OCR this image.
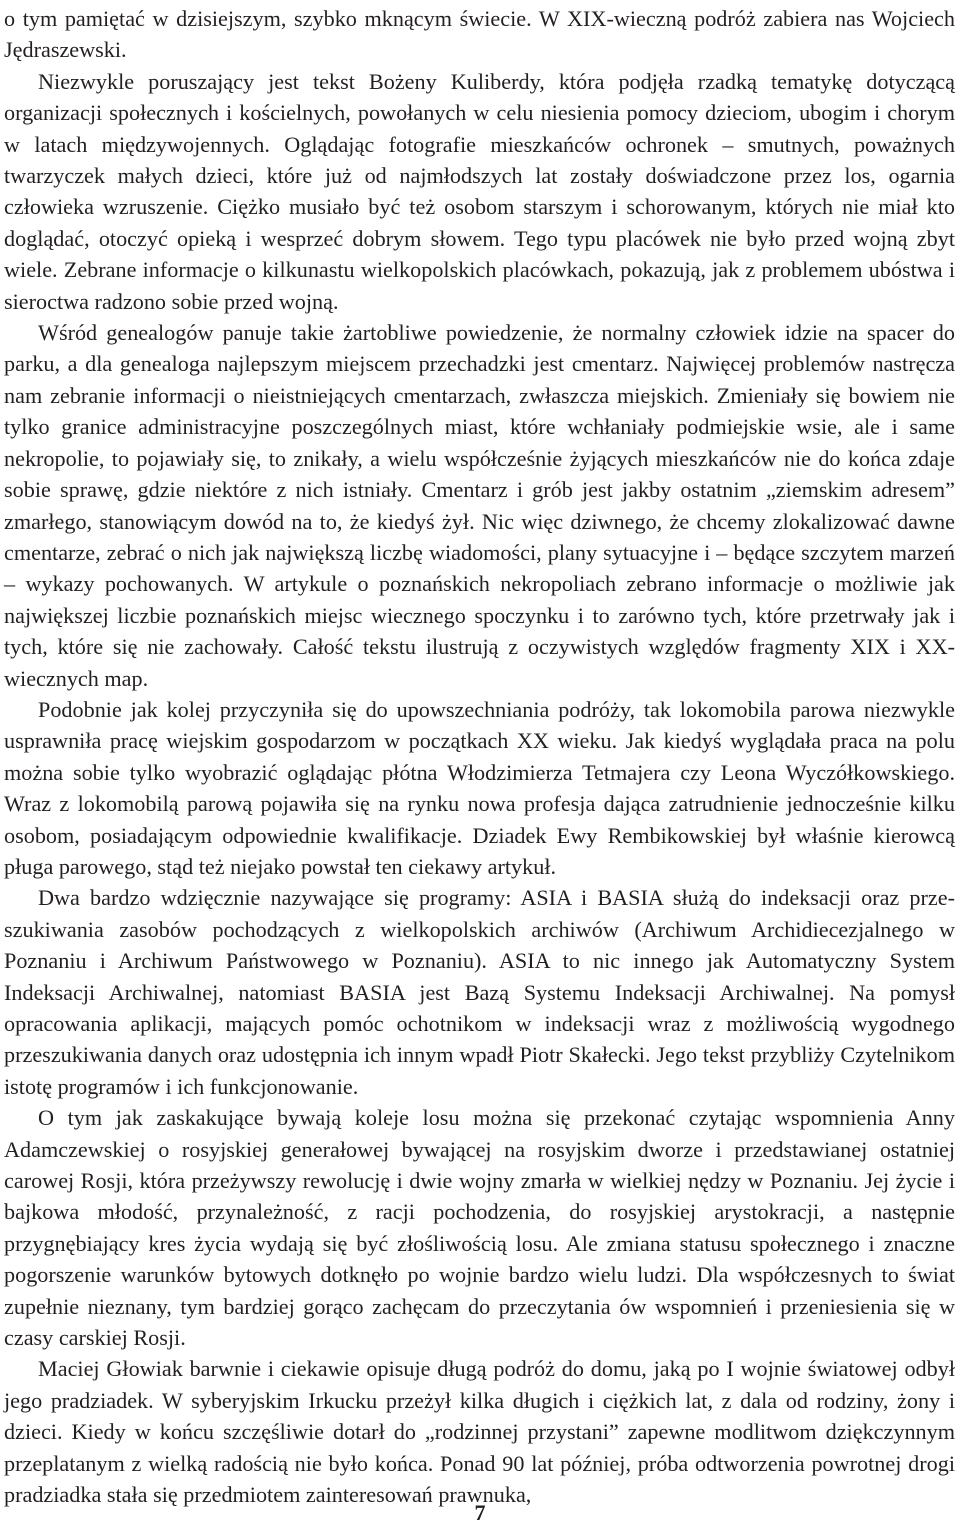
o tym pamiętać w dzisiejszym, szybko mknącym świecie. W XIX-wieczną podróż zabiera nas Wojciech Jędraszewski.

Niezwykle poruszający jest tekst Bożeny Kuliberdy, która podjęła rzadką tematykę dotyczącą organizacji społecznych i kościelnych, powołanych w celu niesienia pomocy dzieciom, ubogim i chorym w latach międzywojennych. Oglądając fotografie mieszkańców ochronek – smutnych, poważnych twarzyczek małych dzieci, które już od najmłodszych lat zostały doświadczone przez los, ogarnia człowieka wzruszenie. Ciężko musiało być też osobom starszym i schorowanym, których nie miał kto doglądać, otoczyć opieką i wesprzeć dobrym słowem. Tego typu placówek nie było przed wojną zbyt wiele. Zebrane informacje o kilkunastu wielkopolskich placówkach, pokazują, jak z problemem ubóstwa i sieroctwa radzono sobie przed wojną.

Wśród genealogów panuje takie żartobliwe powiedzenie, że normalny człowiek idzie na spacer do parku, a dla genealoga najlepszym miejscem przechadzki jest cmentarz. Najwięcej problemów nastręcza nam zebranie informacji o nieistniejących cmentarzach, zwłaszcza miejskich. Zmieniały się bowiem nie tylko granice administracyjne poszczególnych miast, które wchłaniały podmiejskie wsie, ale i same nekropolie, to pojawiały się, to znikały, a wielu współcześnie żyjących mieszkańców nie do końca zdaje sobie sprawę, gdzie niektóre z nich istniały. Cmentarz i grób jest jakby ostatnim „ziemskim adresem” zmarłego, stanowiącym dowód na to, że kiedyś żył. Nic więc dziwnego, że chcemy zlokalizować dawne cmentarze, zebrać o nich jak największą liczbę wiadomości, plany sytuacyjne i – będące szczytem marzeń – wykazy pochowanych. W artykule o poznańskich nekropoliach zebrano informacje o możliwie jak największej liczbie poznańskich miejsc wiecznego spoczynku i to zarówno tych, które przetrwały jak i tych, które się nie zachowały. Całość tekstu ilustrują z oczywistych względów fragmenty XIX i XX-wiecznych map.

Podobnie jak kolej przyczyniła się do upowszechniania podróży, tak lokomobila parowa niezwykle usprawniła pracę wiejskim gospodarzom w początkach XX wieku. Jak kiedyś wyglądała praca na polu można sobie tylko wyobrazić oglądając płótna Włodzimierza Tetmajera czy Leona Wyczółkowskiego. Wraz z lokomobilą parową pojawiła się na rynku nowa profesja dająca zatrudnienie jednocześnie kilku osobom, posiadającym odpowiednie kwalifikacje. Dziadek Ewy Rembikowskiej był właśnie kierowcą pługa parowego, stąd też niejako powstał ten ciekawy artykuł.

Dwa bardzo wdzięcznie nazywające się programy: ASIA i BASIA służą do indeksacji oraz przeszukiwania zasobów pochodzących z wielkopolskich archiwów (Archiwum Archidiecezjalnego w Poznaniu i Archiwum Państwowego w Poznaniu). ASIA to nic innego jak Automatyczny System Indeksacji Archiwalnej, natomiast BASIA jest Bazą Systemu Indeksacji Archiwalnej. Na pomysł opracowania aplikacji, mających pomóc ochotnikom w indeksacji wraz z możliwością wygodnego przeszukiwania danych oraz udostępnia ich innym wpadł Piotr Skałecki. Jego tekst przybliży Czytelnikom istotę programów i ich funkcjonowanie.

O tym jak zaskakujące bywają koleje losu można się przekonać czytając wspomnienia Anny Adamczewskiej o rosyjskiej generałowej bywającej na rosyjskim dworze i przedstawianej ostatniej carowej Rosji, która przeżywszy rewolucję i dwie wojny zmarła w wielkiej nędzy w Poznaniu. Jej życie i bajkowa młodość, przynależność, z racji pochodzenia, do rosyjskiej arystokracji, a następnie przygnębiający kres życia wydają się być złośliwością losu. Ale zmiana statusu społecznego i znaczne pogorszenie warunków bytowych dotknęło po wojnie bardzo wielu ludzi. Dla współczesnych to świat zupełnie nieznany, tym bardziej gorąco zachęcam do przeczytania ów wspomnień i przeniesienia się w czasy carskiej Rosji.

Maciej Głowiak barwnie i ciekawie opisuje długą podróż do domu, jaką po I wojnie światowej odbył jego pradziadek. W syberyjskim Irkucku przeżył kilka długich i ciężkich lat, z dala od rodziny, żony i dzieci. Kiedy w końcu szczęśliwie dotarł do „rodzinnej przystani” zapewne modlitwom dziękczynnym przeplatanym z wielką radością nie było końca. Ponad 90 lat później, próba odtworzenia powrotnej drogi pradziadka stała się przedmiotem zainteresowań prawnuka,

7
